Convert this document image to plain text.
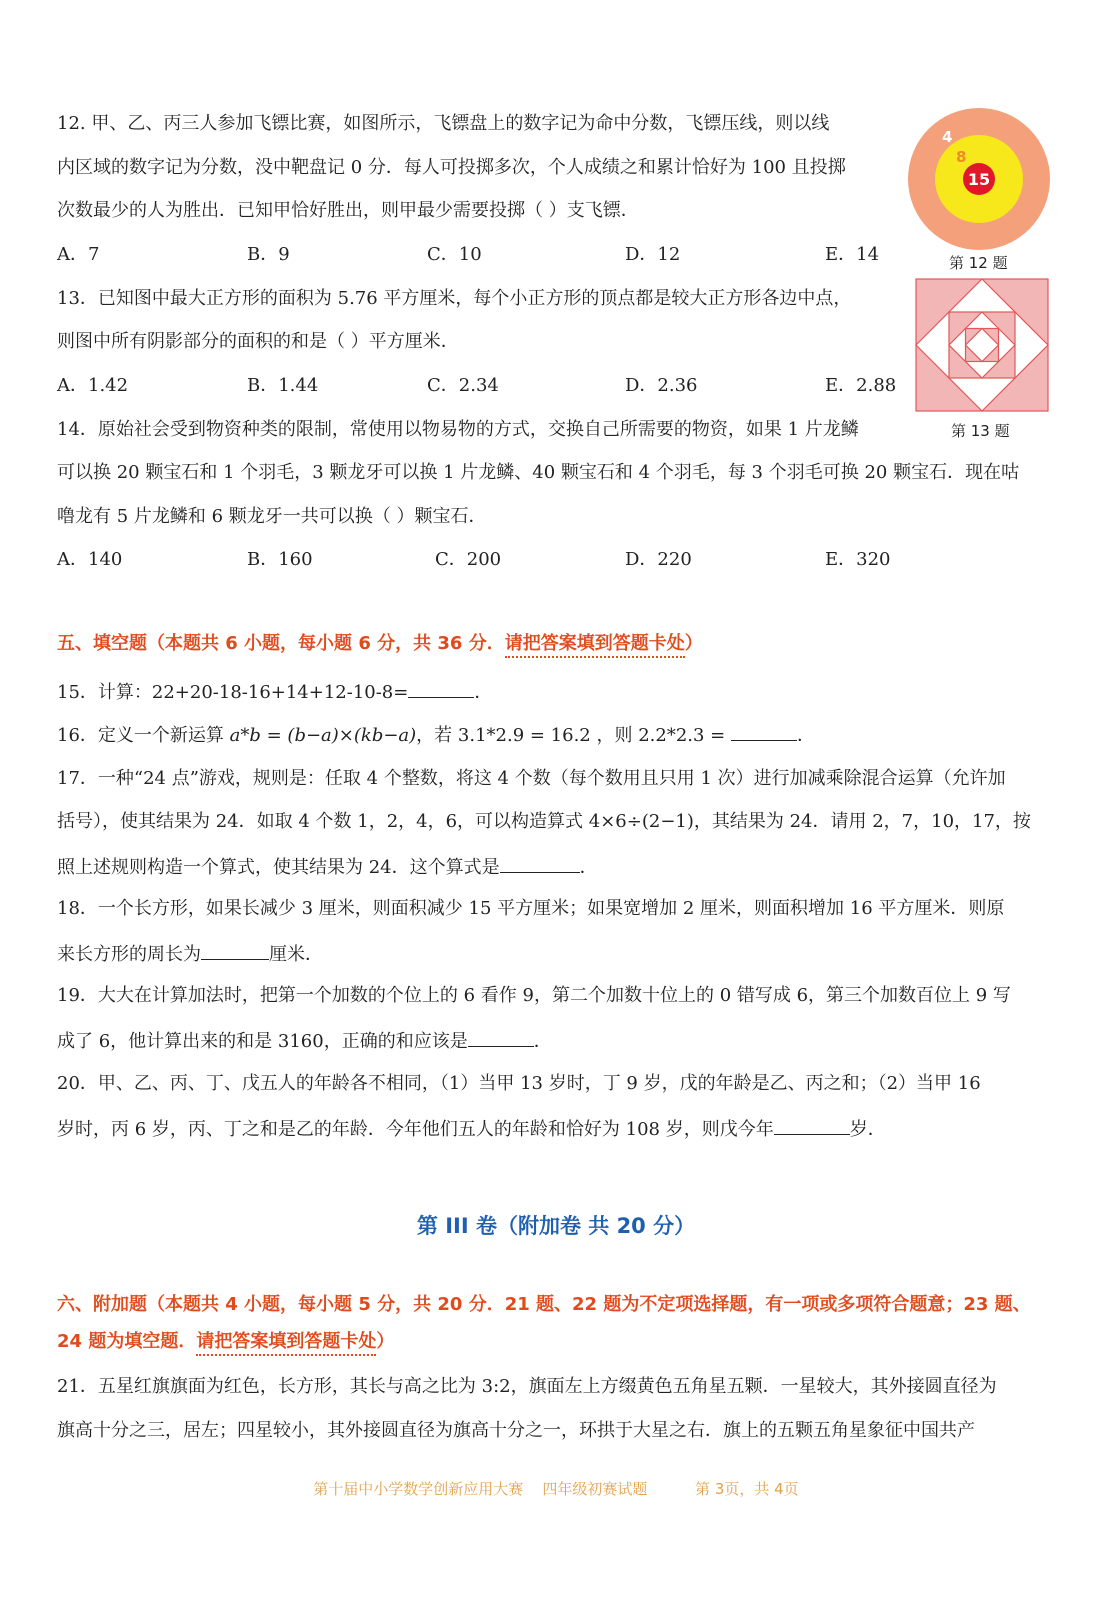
12. 甲、乙、丙三人参加飞镖比赛，如图所示，飞镖盘上的数字记为命中分数，飞镖压线，则以线
内区域的数字记为分数，没中靶盘记 0 分．每人可投掷多次，个人成绩之和累计恰好为 100 且投掷
次数最少的人为胜出．已知甲恰好胜出，则甲最少需要投掷（ ）支飞镖．
A．7	B．9	C．10	D．12	E．14
4
8
15
第 12 题
13．已知图中最大正方形的面积为 5.76 平方厘米，每个小正方形的顶点都是较大正方形各边中点，
则图中所有阴影部分的面积的和是（ ）平方厘米．
A．1.42	B．1.44	C．2.34	D．2.36	E．2.88
第 13 题
14．原始社会受到物资种类的限制，常使用以物易物的方式，交换自己所需要的物资，如果 1 片龙鳞
可以换 20 颗宝石和 1 个羽毛，3 颗龙牙可以换 1 片龙鳞、40 颗宝石和 4 个羽毛，每 3 个羽毛可换 20 颗宝石．现在咕
噜龙有 5 片龙鳞和 6 颗龙牙一共可以换（ ）颗宝石．
A．140	B．160	C．200	D．220	E．320
五、填空题（本题共 6 小题，每小题 6 分，共 36 分．请把答案填到答题卡处）
15．计算：22+20-18-16+14+12-10-8=	．
16．定义一个新运算 a*b = (b−a)×(kb−a)，若 3.1*2.9 = 16.2 ，则 2.2*2.3 =	．
17．一种“24 点”游戏，规则是：任取 4 个整数，将这 4 个数（每个数用且只用 1 次）进行加减乘除混合运算（允许加
括号），使其结果为 24．如取 4 个数 1，2，4，6，可以构造算式 4×6÷(2−1)，其结果为 24．请用 2，7，10，17，按
照上述规则构造一个算式，使其结果为 24．这个算式是	．
18．一个长方形，如果长减少 3 厘米，则面积减少 15 平方厘米；如果宽增加 2 厘米，则面积增加 16 平方厘米．则原
来长方形的周长为	厘米．
19．大大在计算加法时，把第一个加数的个位上的 6 看作 9，第二个加数十位上的 0 错写成 6，第三个加数百位上 9 写
成了 6，他计算出来的和是 3160，正确的和应该是	．
20．甲、乙、丙、丁、戊五人的年龄各不相同，（1）当甲 13 岁时，丁 9 岁，戊的年龄是乙、丙之和；（2）当甲 16
岁时，丙 6 岁，丙、丁之和是乙的年龄．今年他们五人的年龄和恰好为 108 岁，则戊今年	岁．
第 III 卷（附加卷 共 20 分）
六、附加题（本题共 4 小题，每小题 5 分，共 20 分．21 题、22 题为不定项选择题，有一项或多项符合题意；23 题、
24 题为填空题．请把答案填到答题卡处）
21．五星红旗旗面为红色，长方形，其长与高之比为 3:2，旗面左上方缀黄色五角星五颗．一星较大，其外接圆直径为
旗高十分之三，居左；四星较小，其外接圆直径为旗高十分之一，环拱于大星之右．旗上的五颗五角星象征中国共产
第十届中小学数学创新应用大赛    四年级初赛试题          第 3页，共 4页
